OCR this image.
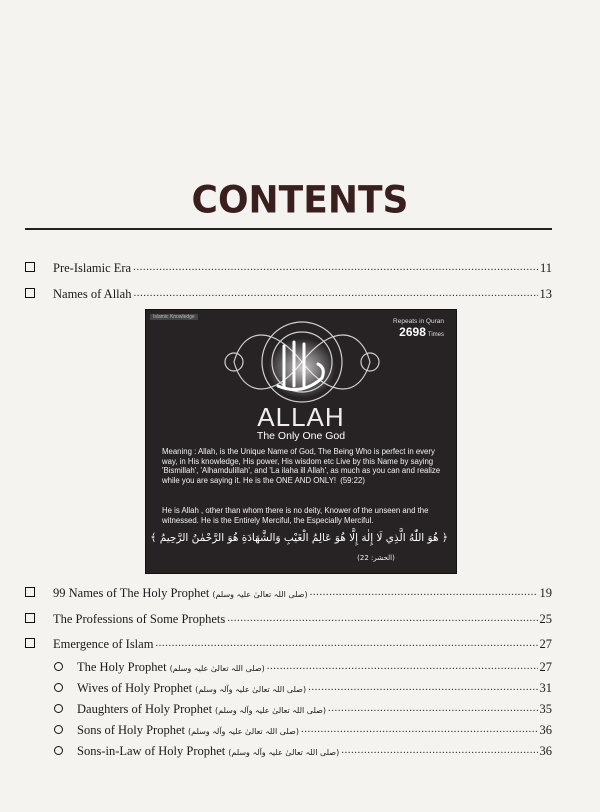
CONTENTS
Pre-Islamic Era .....	11
Names of Allah .....	13
Islamic Knowledge
Repeats in Quran
2698 Times
ALLAH
The Only One God
Meaning : Allah, is the Unique Name of God, The Being Who is perfect in every way, in His knowledge, His power, His wisdom etc Live by this Name by saying 'Bismillah', 'Alhamdulillah', and 'La ilaha ill Allah', as much as you can and realize while you are saying it. He is the ONE AND ONLY! (59:22)
He is Allah , other than whom there is no deity, Knower of the unseen and the witnessed. He is the Entirely Merciful, the Especially Merciful.
﴿ هُوَ اللّٰهُ الَّذِي لَا إِلٰهَ إِلَّا هُوَ عَالِمُ الْغَيْبِ وَالشَّهَادَةِ هُوَ الرَّحْمٰنُ الرَّحِيمُ ﴾
(الحشر: 22)
99 Names of The Holy Prophet (صلی اللہ تعالیٰ علیہ وسلم) .....	19
The Professions of Some Prophets .....	25
Emergence of Islam .....	27
The Holy Prophet (صلی اللہ تعالیٰ علیہ وسلم) .....	27
Wives of Holy Prophet (صلی اللہ تعالیٰ علیہ وآلہ وسلم) .....	31
Daughters of Holy Prophet (صلی اللہ تعالیٰ علیہ وآلہ وسلم) .....	35
Sons of Holy Prophet (صلی اللہ تعالیٰ علیہ وآلہ وسلم) .....	36
Sons-in-Law of Holy Prophet (صلی اللہ تعالیٰ علیہ وآلہ وسلم) .....	36
